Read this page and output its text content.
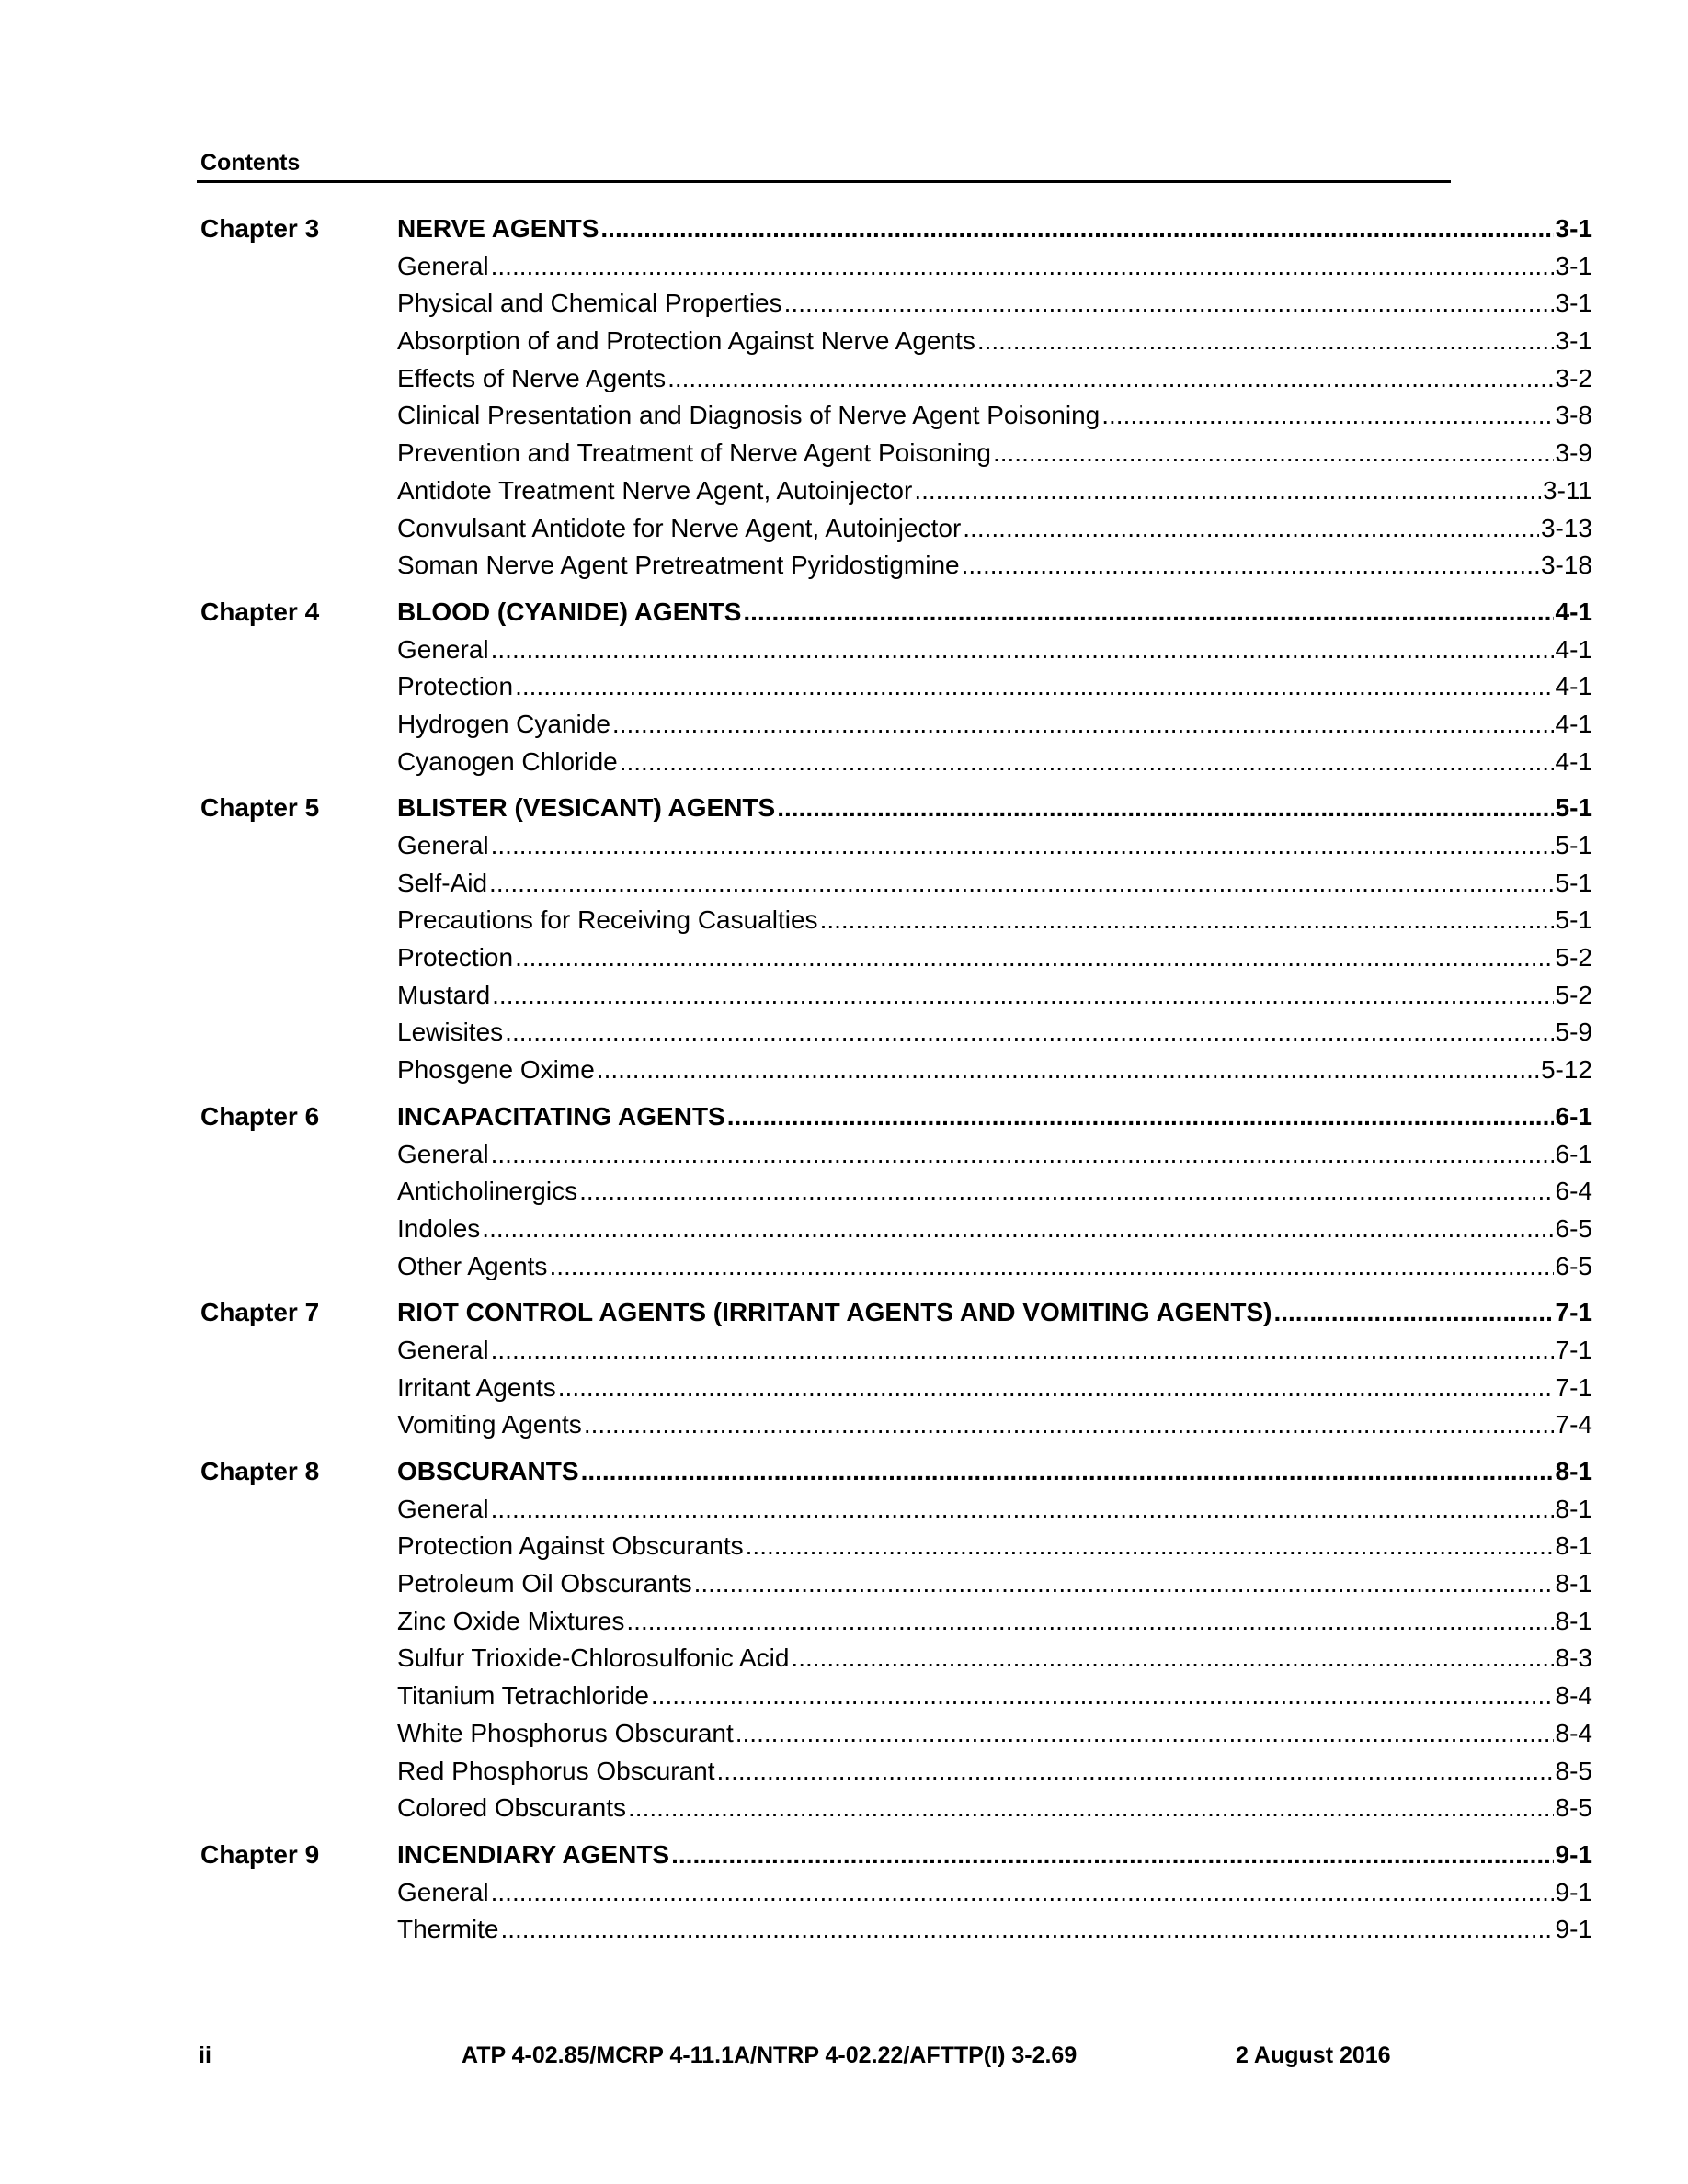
Contents
Chapter 3	NERVE AGENTS .....	3-1
General .....	3-1
Physical and Chemical Properties .....	3-1
Absorption of and Protection Against Nerve Agents .....	3-1
Effects of Nerve Agents .....	3-2
Clinical Presentation and Diagnosis of Nerve Agent Poisoning .....	3-8
Prevention and Treatment of Nerve Agent Poisoning .....	3-9
Antidote Treatment Nerve Agent, Autoinjector .....	3-11
Convulsant Antidote for Nerve Agent, Autoinjector .....	3-13
Soman Nerve Agent Pretreatment Pyridostigmine .....	3-18
Chapter 4	BLOOD (CYANIDE) AGENTS .....	4-1
General .....	4-1
Protection .....	4-1
Hydrogen Cyanide .....	4-1
Cyanogen Chloride .....	4-1
Chapter 5	BLISTER (VESICANT) AGENTS .....	5-1
General .....	5-1
Self-Aid .....	5-1
Precautions for Receiving Casualties .....	5-1
Protection .....	5-2
Mustard .....	5-2
Lewisites .....	5-9
Phosgene Oxime .....	5-12
Chapter 6	INCAPACITATING AGENTS .....	6-1
General .....	6-1
Anticholinergics .....	6-4
Indoles .....	6-5
Other Agents .....	6-5
Chapter 7	RIOT CONTROL AGENTS (IRRITANT AGENTS AND VOMITING AGENTS) .....	7-1
General .....	7-1
Irritant Agents .....	7-1
Vomiting Agents .....	7-4
Chapter 8	OBSCURANTS .....	8-1
General .....	8-1
Protection Against Obscurants .....	8-1
Petroleum Oil Obscurants .....	8-1
Zinc Oxide Mixtures .....	8-1
Sulfur Trioxide-Chlorosulfonic Acid .....	8-3
Titanium Tetrachloride .....	8-4
White Phosphorus Obscurant .....	8-4
Red Phosphorus Obscurant .....	8-5
Colored Obscurants .....	8-5
Chapter 9	INCENDIARY AGENTS .....	9-1
General .....	9-1
Thermite .....	9-1
ii	ATP 4-02.85/MCRP 4-11.1A/NTRP 4-02.22/AFTTP(I) 3-2.69	2 August 2016
